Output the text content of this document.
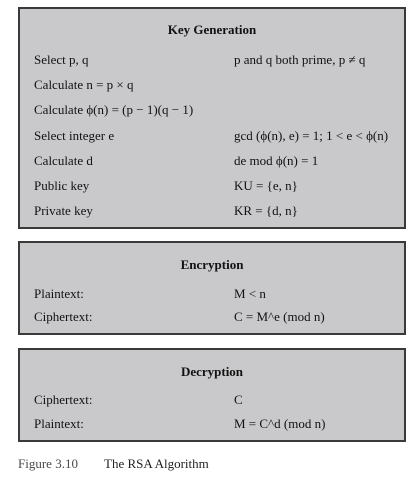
Key Generation
Select p, q	p and q both prime, p ≠ q
Calculate n = p × q
Calculate ϕ(n) = (p − 1)(q − 1)
Select integer e	gcd (ϕ(n), e) = 1; 1 < e < ϕ(n)
Calculate d	de mod ϕ(n) = 1
Public key	KU = {e, n}
Private key	KR = {d, n}
Encryption
Plaintext:	M < n
Ciphertext:	C = M^e (mod n)
Decryption
Ciphertext:	C
Plaintext:	M = C^d (mod n)
Figure 3.10 The RSA Algorithm
